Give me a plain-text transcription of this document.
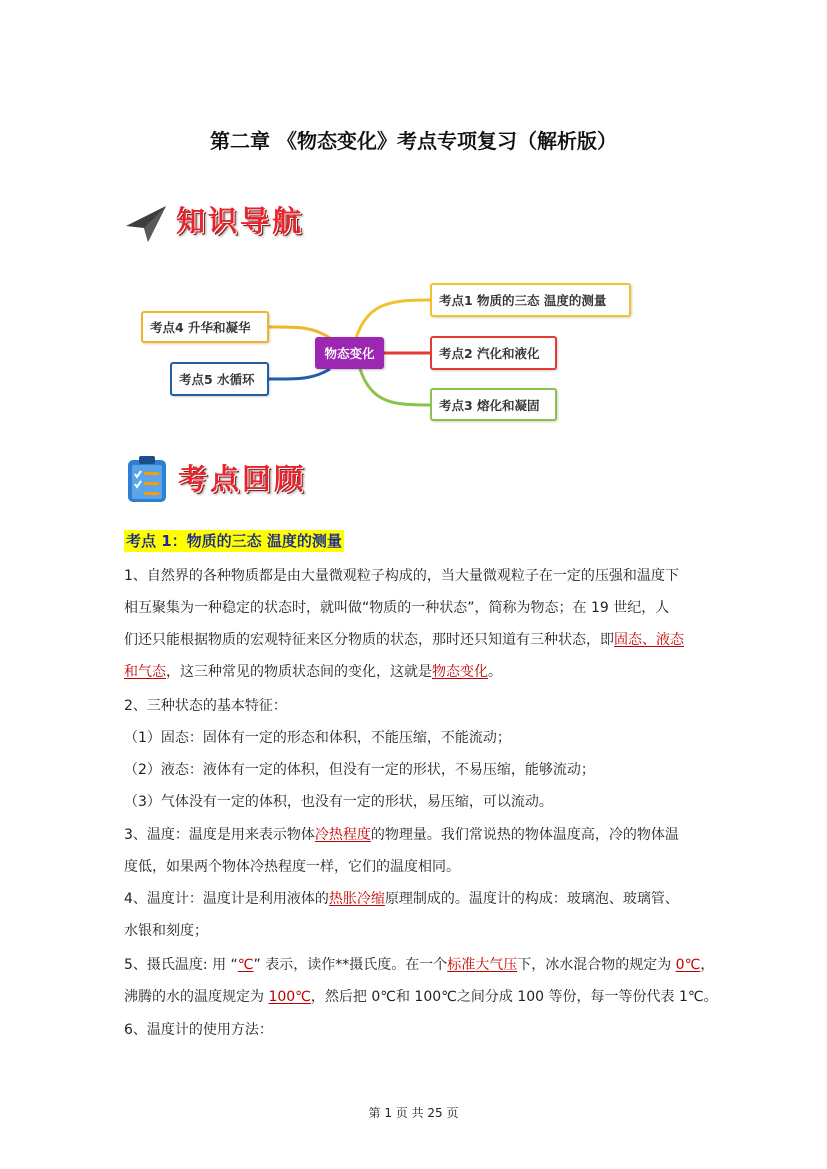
第二章 《物态变化》考点专项复习（解析版）
知识导航
物态变化
考点1 物质的三态 温度的测量
考点2 汽化和液化
考点3 熔化和凝固
考点4 升华和凝华
考点5 水循环
考点回顾
考点 1：物质的三态 温度的测量
1、自然界的各种物质都是由大量微观粒子构成的，当大量微观粒子在一定的压强和温度下
相互聚集为一种稳定的状态时，就叫做“物质的一种状态”，简称为物态；在 19 世纪，人
们还只能根据物质的宏观特征来区分物质的状态，那时还只知道有三种状态，即固态、液态
和气态，这三种常见的物质状态间的变化，这就是物态变化。
2、三种状态的基本特征：
（1）固态：固体有一定的形态和体积，不能压缩，不能流动；
（2）液态：液体有一定的体积，但没有一定的形状，不易压缩，能够流动；
（3）气体没有一定的体积，也没有一定的形状，易压缩，可以流动。
3、温度：温度是用来表示物体冷热程度的物理量。我们常说热的物体温度高，冷的物体温
度低，如果两个物体冷热程度一样，它们的温度相同。
4、温度计：温度计是利用液体的热胀冷缩原理制成的。温度计的构成：玻璃泡、玻璃管、
水银和刻度；
5、摄氏温度: 用 “℃” 表示，读作**摄氏度。在一个标准大气压下，冰水混合物的规定为 0℃，
沸腾的水的温度规定为 100℃，然后把 0℃和 100℃之间分成 100 等份，每一等份代表 1℃。
6、温度计的使用方法：
第 1 页 共 25 页
